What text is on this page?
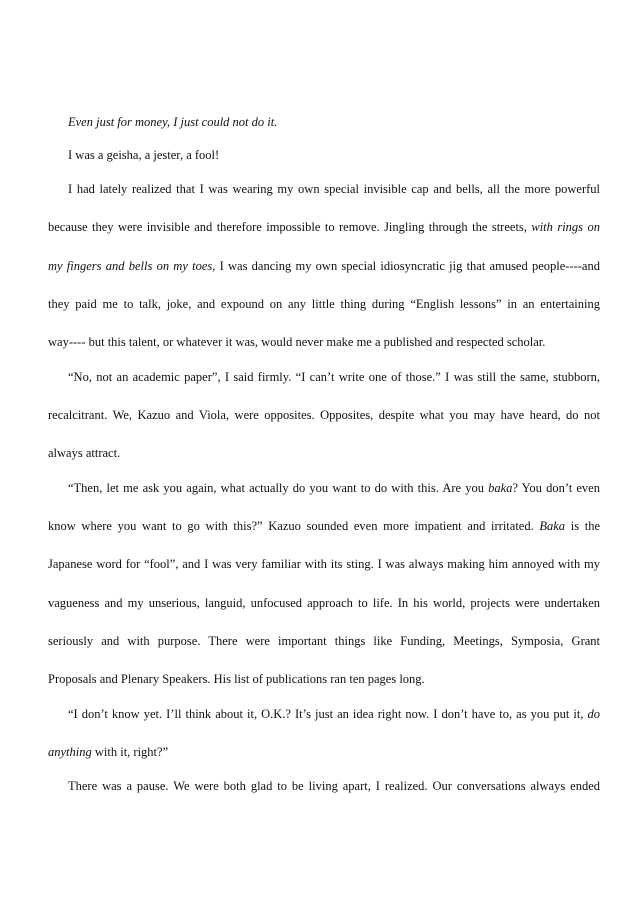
Even just for money, I just could not do it.
I was a geisha, a jester, a fool!
I had lately realized that I was wearing my own special invisible cap and bells, all the more powerful
because they were invisible and therefore impossible to remove. Jingling through the streets, with rings on
my fingers and bells on my toes, I was dancing my own special idiosyncratic jig that amused people----and
they paid me to talk, joke, and expound on any little thing during “English lessons” in an entertaining
way---- but this talent, or whatever it was, would never make me a published and respected scholar.
“No, not an academic paper”, I said firmly. “I can’t write one of those.” I was still the same, stubborn,
recalcitrant. We, Kazuo and Viola, were opposites. Opposites, despite what you may have heard, do not
always attract.
“Then, let me ask you again, what actually do you want to do with this. Are you baka? You don’t even
know where you want to go with this?” Kazuo sounded even more impatient and irritated. Baka is the
Japanese word for “fool”, and I was very familiar with its sting. I was always making him annoyed with my
vagueness and my unserious, languid, unfocused approach to life. In his world, projects were undertaken
seriously and with purpose. There were important things like Funding, Meetings, Symposia, Grant
Proposals and Plenary Speakers. His list of publications ran ten pages long.
“I don’t know yet. I’ll think about it, O.K.? It’s just an idea right now. I don’t have to, as you put it, do
anything with it, right?”
There was a pause. We were both glad to be living apart, I realized. Our conversations always ended
